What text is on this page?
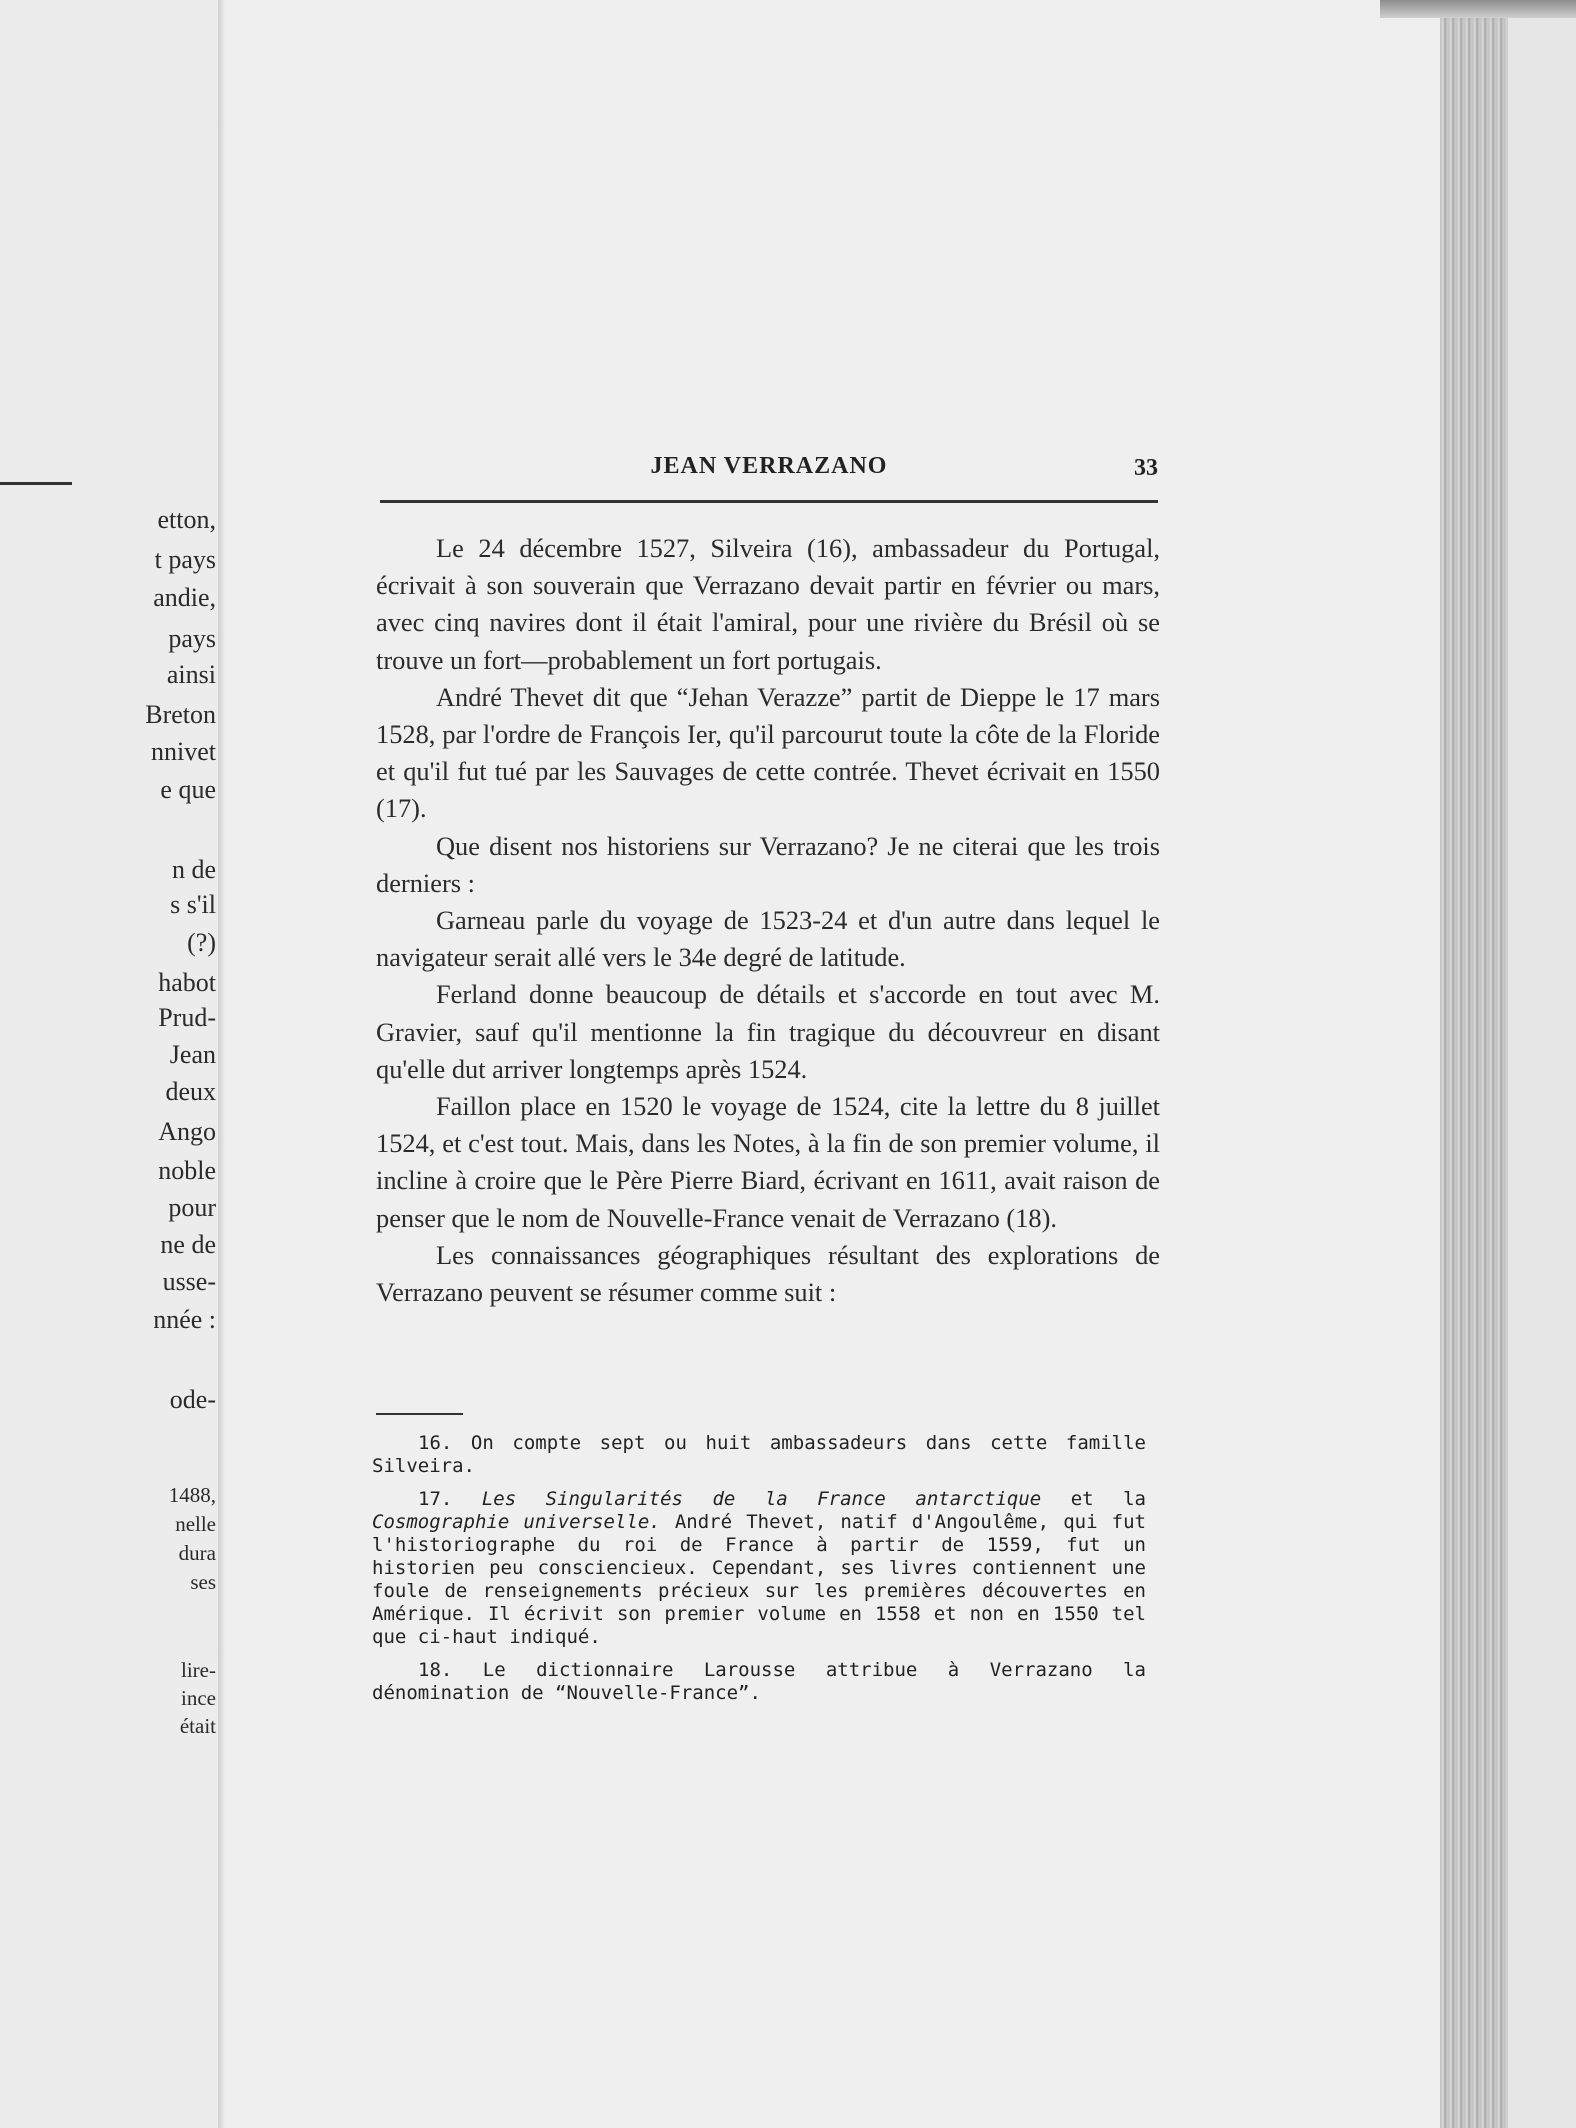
etton,

t pays

andie,

pays

ainsi

Breton

nnivet

e que

n de

s s'il

(?)

habot

Prud-

Jean

deux

Ango

noble

pour

ne de

usse-

nnée :

ode-

1488,

nelle

dura

ses

lire-

ince

était

JEAN VERRAZANO	33

Le 24 décembre 1527, Silveira (16), ambassadeur du Portugal, écrivait à son souverain que Verrazano devait partir en février ou mars, avec cinq navires dont il était l'amiral, pour une rivière du Brésil où se trouve un fort—probablement un fort portugais.

André Thevet dit que “Jehan Verazze” partit de Dieppe le 17 mars 1528, par l'ordre de François Ier, qu'il parcourut toute la côte de la Floride et qu'il fut tué par les Sauvages de cette contrée. Thevet écrivait en 1550 (17).

Que disent nos historiens sur Verrazano? Je ne citerai que les trois derniers :

Garneau parle du voyage de 1523-24 et d'un autre dans lequel le navigateur serait allé vers le 34e degré de latitude.

Ferland donne beaucoup de détails et s'accorde en tout avec M. Gravier, sauf qu'il mentionne la fin tragique du découvreur en disant qu'elle dut arriver longtemps après 1524.

Faillon place en 1520 le voyage de 1524, cite la lettre du 8 juillet 1524, et c'est tout. Mais, dans les Notes, à la fin de son premier volume, il incline à croire que le Père Pierre Biard, écrivant en 1611, avait raison de penser que le nom de Nouvelle-France venait de Verrazano (18).

Les connaissances géographiques résultant des explorations de Verrazano peuvent se résumer comme suit :

16. On compte sept ou huit ambassadeurs dans cette famille Silveira.

17. Les Singularités de la France antarctique et la Cosmographie universelle. André Thevet, natif d'Angoulême, qui fut l'historiographe du roi de France à partir de 1559, fut un historien peu consciencieux. Cependant, ses livres contiennent une foule de renseignements précieux sur les premières découvertes en Amérique. Il écrivit son premier volume en 1558 et non en 1550 tel que ci-haut indiqué.

18. Le dictionnaire Larousse attribue à Verrazano la dénomination de “Nouvelle-France”.
